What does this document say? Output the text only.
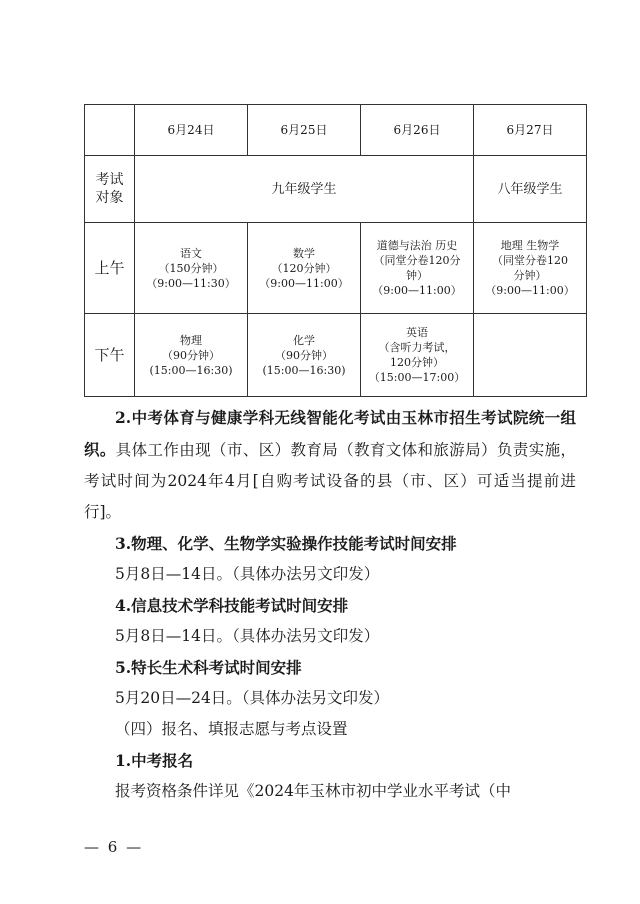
	6月24日	6月25日	6月26日	6月27日

考试
对象	九年级学生			八年级学生
上午	语文
（150分钟）
（9:00—11:30）	数学
（120分钟）
（9:00—11:00）	道德与法治 历史
（同堂分卷120分
钟）
（9:00—11:00）	地理 生物学
（同堂分卷120
分钟）
（9:00—11:00）

下午	物理
（90分钟）
(15:00—16:30)	化学
（90分钟）
(15:00—16:30)	英语
（含听力考试，
120分钟）
（15:00—17:00）	

2.中考体育与健康学科无线智能化考试由玉林市招生考试院统一组织。具体工作由现（市、区）教育局（教育文体和旅游局）负责实施，考试时间为2024年4月[自购考试设备的县（市、区）可适当提前进行]。

3.物理、化学、生物学实验操作技能考试时间安排

5月8日—14日。（具体办法另文印发）

4.信息技术学科技能考试时间安排

5月8日—14日。（具体办法另文印发）

5.特长生术科考试时间安排

5月20日—24日。（具体办法另文印发）

（四）报名、填报志愿与考点设置

1.中考报名

报考资格条件详见《2024年玉林市初中学业水平考试（中

— 6 —
